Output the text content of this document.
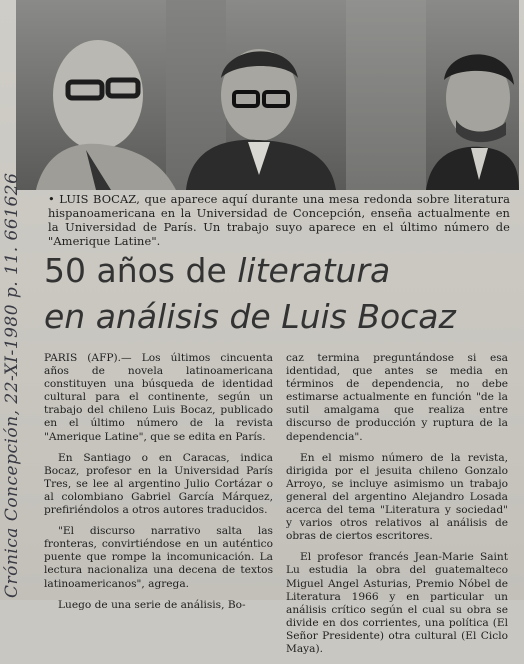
• LUIS BOCAZ, que aparece aquí durante una mesa redonda sobre literatura hispanoamericana en la Universidad de Concepción, enseña actualmente en la Universidad de París. Un trabajo suyo aparece en el último número de "Amerique Latine".
50 años de literatura
en análisis de Luis Bocaz

PARIS (AFP).— Los últimos cincuenta años de novela latinoamericana constituyen una búsqueda de identidad cultural para el continente, según un trabajo del chileno Luis Bocaz, publicado en el último número de la revista "Amerique Latine", que se edita en París.

En Santiago o en Caracas, indica Bocaz, profesor en la Universidad París Tres, se lee al argentino Julio Cortázar o al colombiano Gabriel García Márquez, prefiriéndolos a otros autores traducidos.

"El discurso narrativo salta las fronteras, convirtiéndose en un auténtico puente que rompe la incomunicación. La lectura nacionaliza una decena de textos latinoamericanos", agrega.

Luego de una serie de análisis, Bo-

caz termina preguntándose si esa identidad, que antes se media en términos de dependencia, no debe estimarse actualmente en función "de la sutil amalgama que realiza entre discurso de producción y ruptura de la dependencia".

En el mismo número de la revista, dirigida por el jesuita chileno Gonzalo Arroyo, se incluye asimismo un trabajo general del argentino Alejandro Losada acerca del tema "Literatura y sociedad" y varios otros relativos al análisis de obras de ciertos escritores.

El profesor francés Jean-Marie Saint Lu estudia la obra del guatemalteco Miguel Angel Asturias, Premio Nóbel de Literatura 1966 y en particular un análisis crítico según el cual su obra se divide en dos corrientes, una política (El Señor Presidente) otra cultural (El Ciclo Maya).

Crónica Concepción, 22-XI-1980 p. 11. 661626
